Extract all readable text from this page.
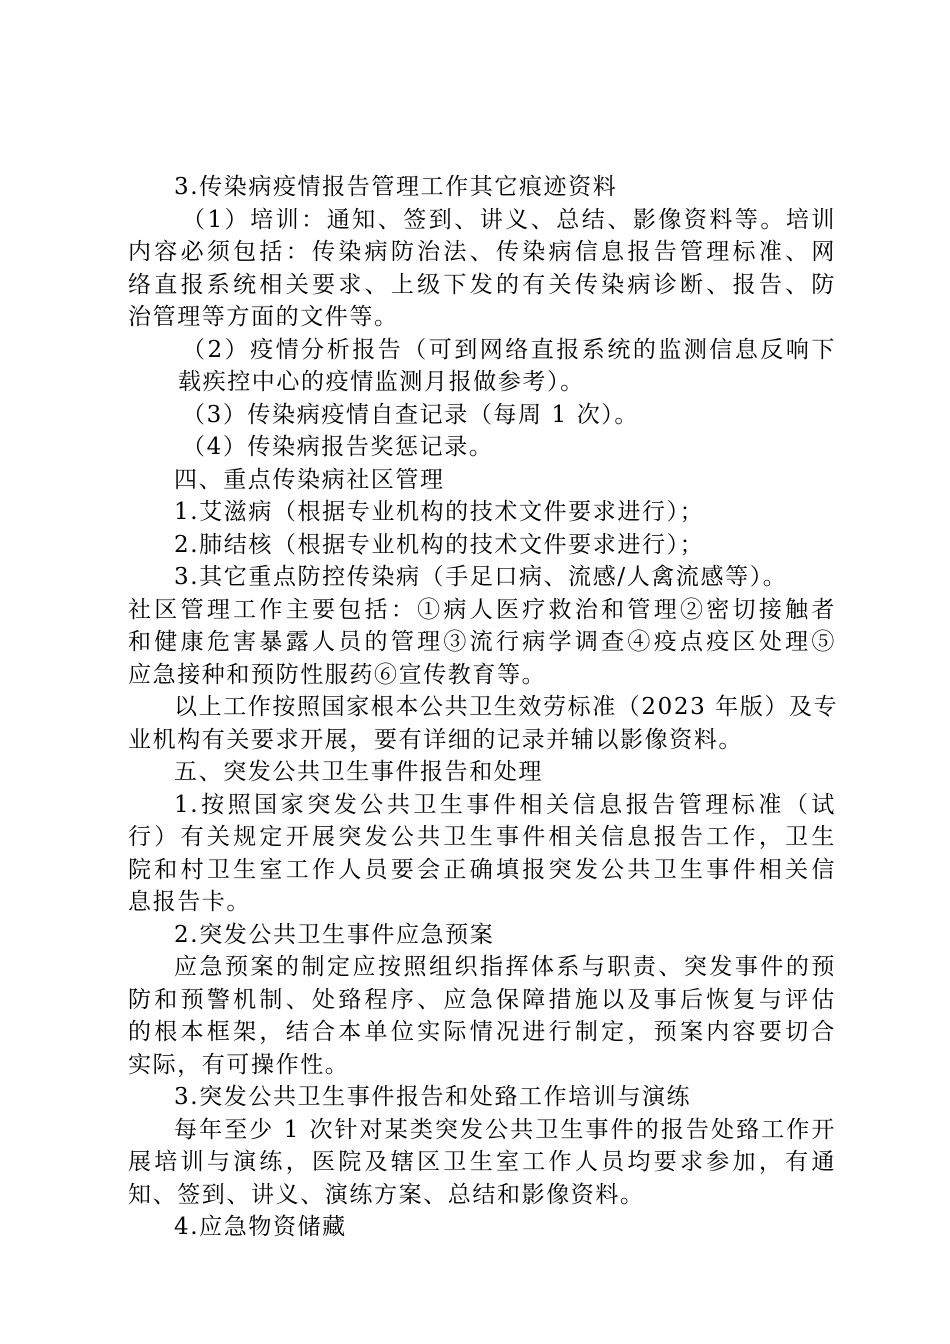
3.传染病疫情报告管理工作其它痕迹资料
（1）培训：通知、签到、讲义、总结、影像资料等。培训
内容必须包括：传染病防治法、传染病信息报告管理标准、网
络直报系统相关要求、上级下发的有关传染病诊断、报告、防
治管理等方面的文件等。
（2）疫情分析报告（可到网络直报系统的监测信息反响下
载疾控中心的疫情监测月报做参考）。
（3）传染病疫情自查记录（每周 1 次）。
（4）传染病报告奖惩记录。
四、重点传染病社区管理
1.艾滋病（根据专业机构的技术文件要求进行）；
2.肺结核（根据专业机构的技术文件要求进行）；
3.其它重点防控传染病（手足口病、流感/人禽流感等）。
社区管理工作主要包括：①病人医疗救治和管理②密切接触者
和健康危害暴露人员的管理③流行病学调查④疫点疫区处理⑤
应急接种和预防性服药⑥宣传教育等。
以上工作按照国家根本公共卫生效劳标准（2023 年版）及专
业机构有关要求开展，要有详细的记录并辅以影像资料。
五、突发公共卫生事件报告和处理
1.按照国家突发公共卫生事件相关信息报告管理标准（试
行）有关规定开展突发公共卫生事件相关信息报告工作，卫生
院和村卫生室工作人员要会正确填报突发公共卫生事件相关信
息报告卡。
2.突发公共卫生事件应急预案
应急预案的制定应按照组织指挥体系与职责、突发事件的预
防和预警机制、处臵程序、应急保障措施以及事后恢复与评估
的根本框架，结合本单位实际情况进行制定，预案内容要切合
实际，有可操作性。
3.突发公共卫生事件报告和处臵工作培训与演练
每年至少 1 次针对某类突发公共卫生事件的报告处臵工作开
展培训与演练，医院及辖区卫生室工作人员均要求参加，有通
知、签到、讲义、演练方案、总结和影像资料。
4.应急物资储藏
